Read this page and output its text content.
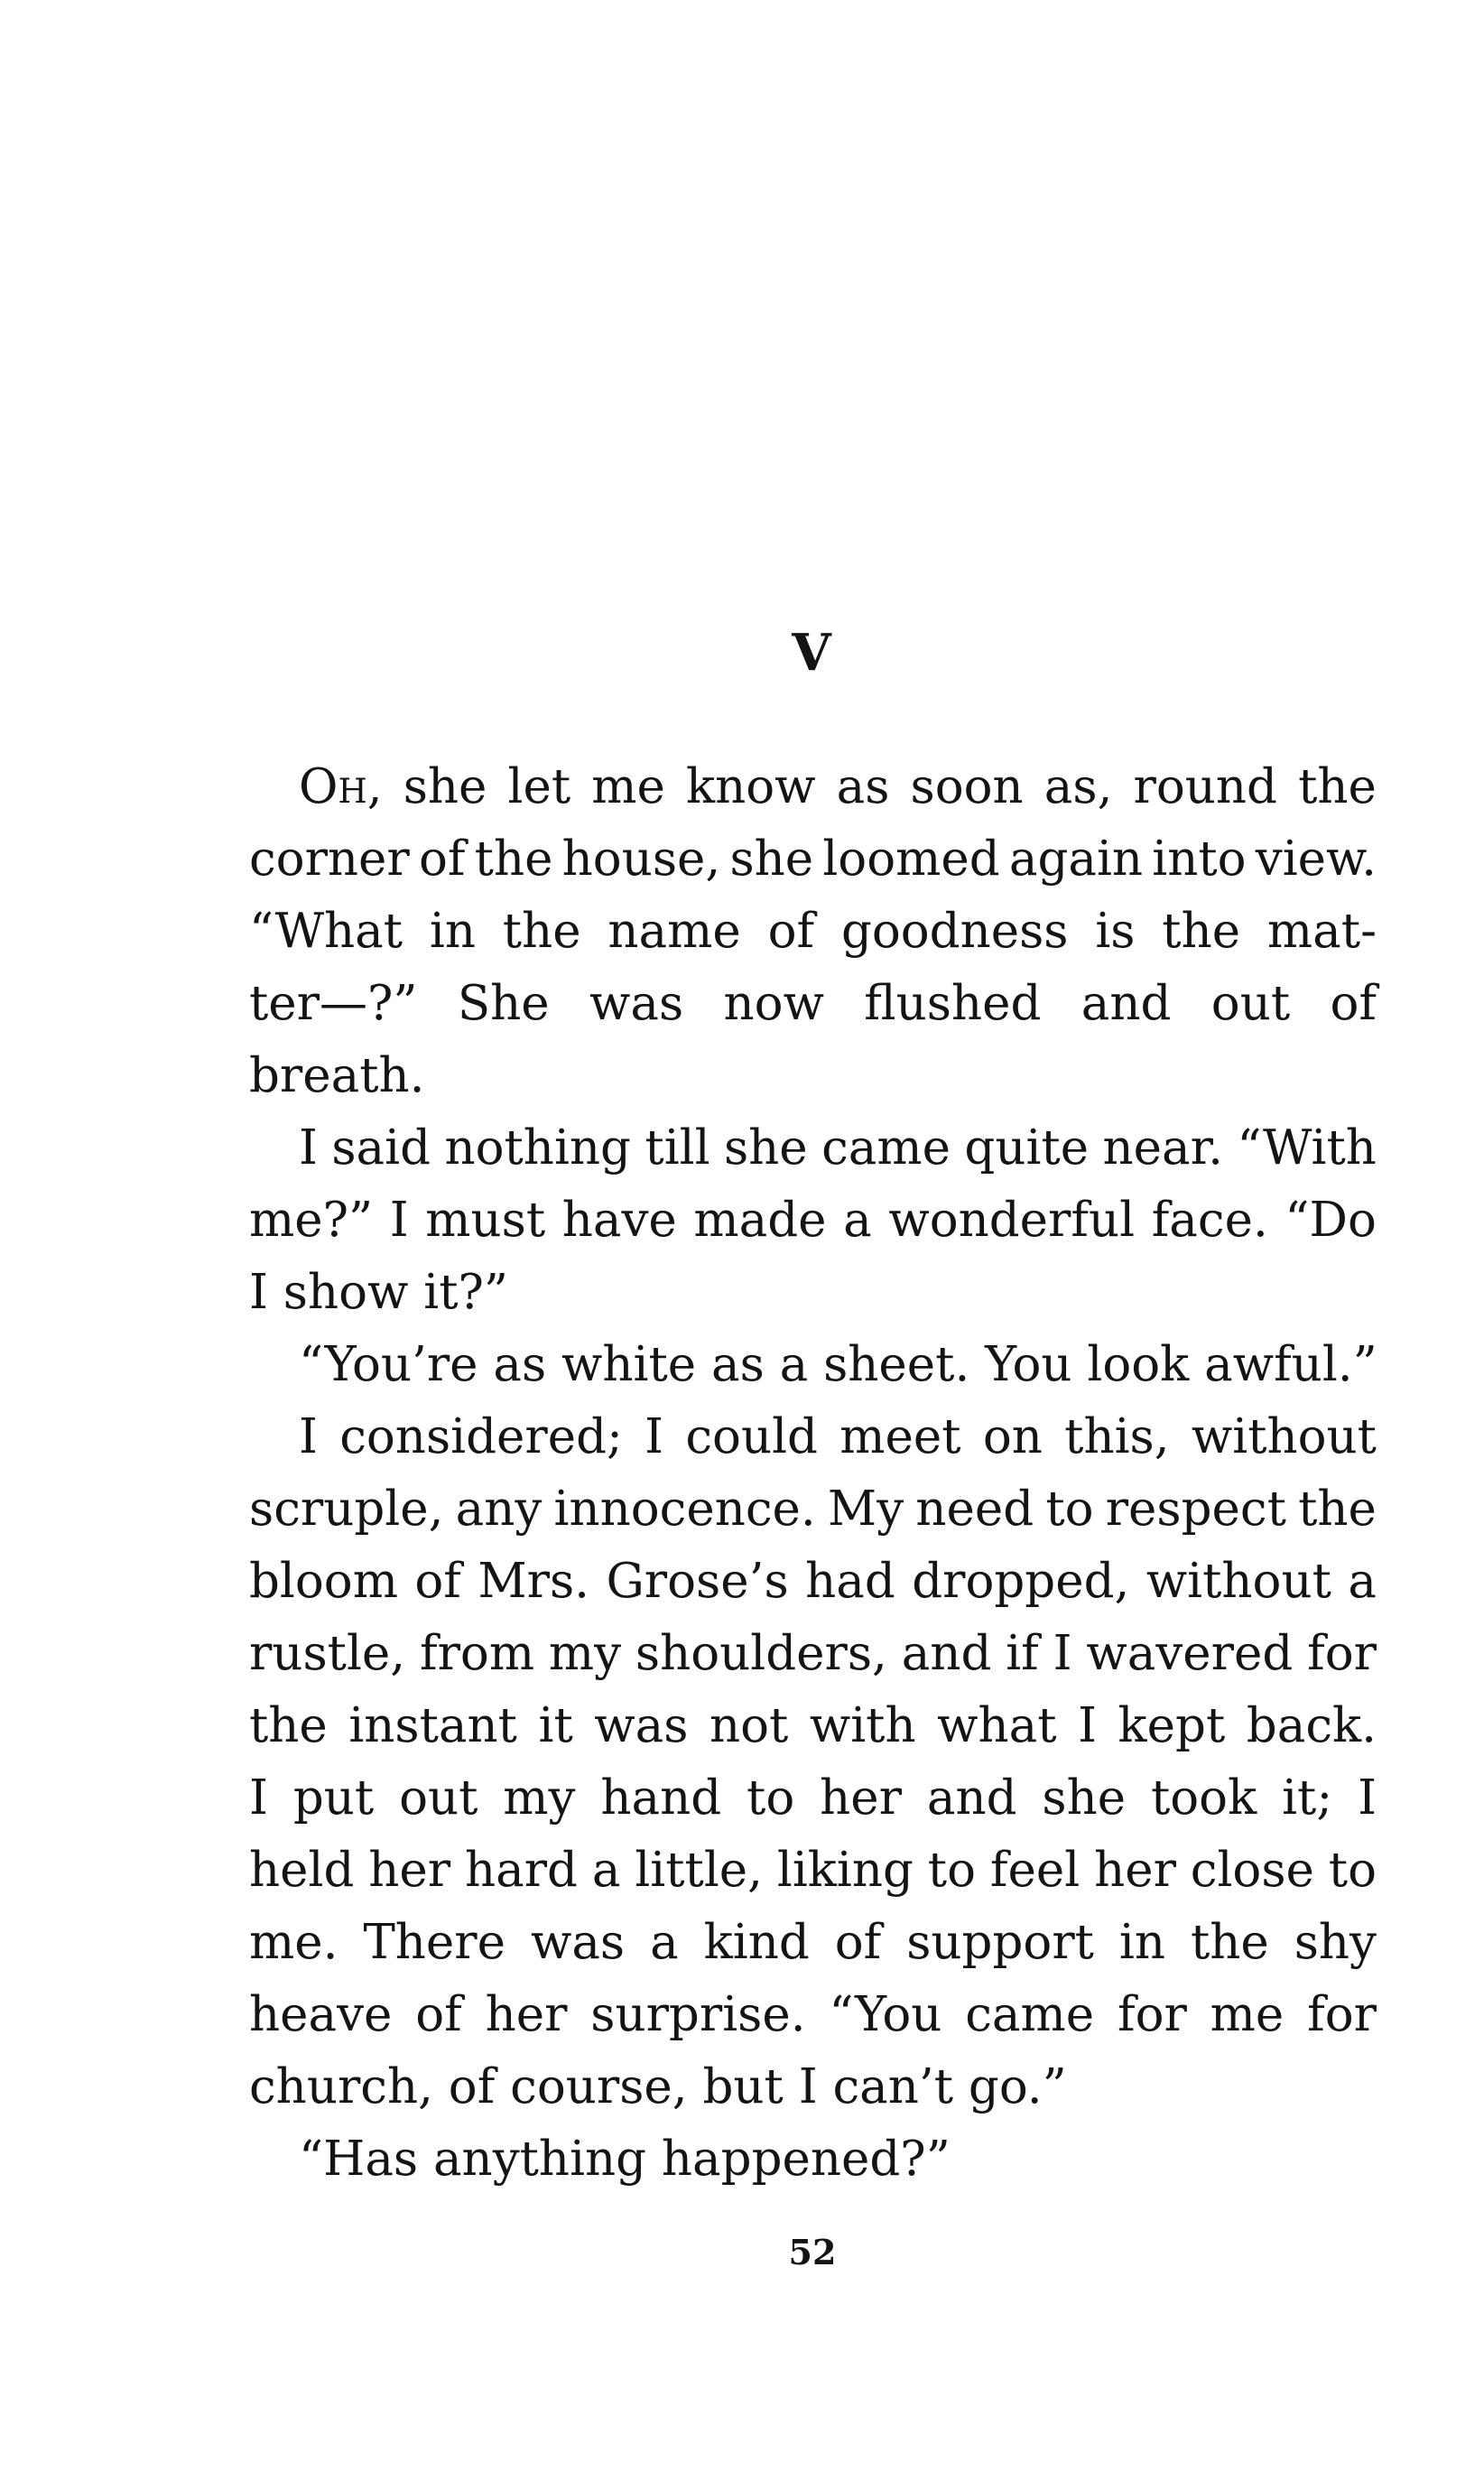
V
Oh, she let me know as soon as, round the
corner of the house, she loomed again into view.
“What in the name of goodness is the mat-
ter—?” She was now flushed and out of
breath.
I said nothing till she came quite near. “With
me?” I must have made a wonderful face. “Do
I show it?”
“You’re as white as a sheet. You look awful.”
I considered; I could meet on this, without
scruple, any innocence. My need to respect the
bloom of Mrs. Grose’s had dropped, without a
rustle, from my shoulders, and if I wavered for
the instant it was not with what I kept back.
I put out my hand to her and she took it; I
held her hard a little, liking to feel her close to
me. There was a kind of support in the shy
heave of her surprise. “You came for me for
church, of course, but I can’t go.”
“Has anything happened?”
52
